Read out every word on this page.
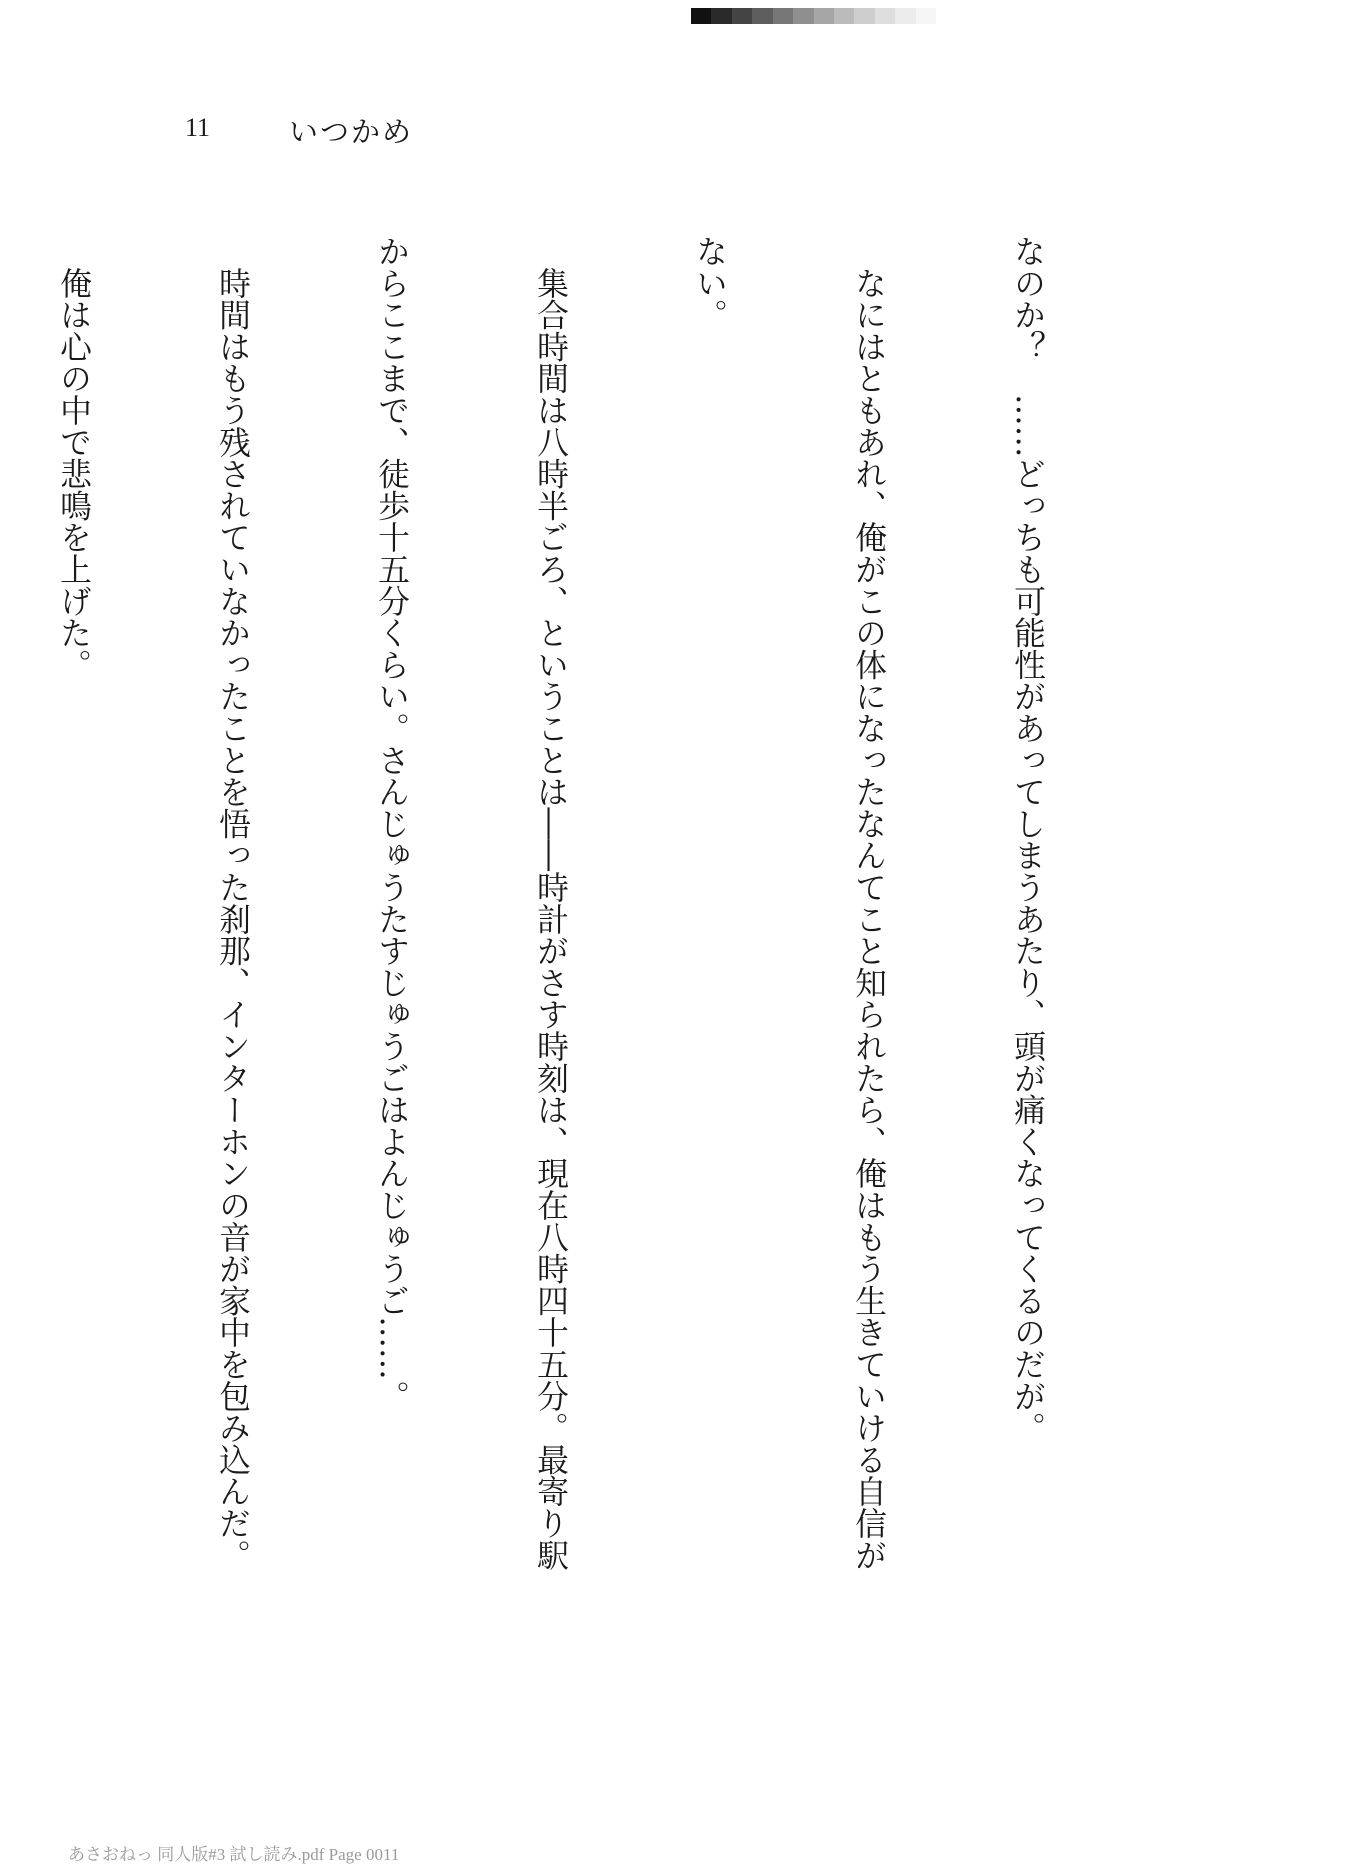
11	いつかめ

なのか？　……どっちも可能性があってしまうあたり、頭が痛くなってくるのだが。

　なにはともあれ、俺がこの体になったなんてこと知られたら、俺はもう生きていける自信が

ない。

　集合時間は八時半ごろ、ということは――時計がさす時刻は、現在八時四十五分。最寄り駅

からここまで、徒歩十五分くらい。さんじゅうたすじゅうごはよんじゅうご……。

　時間はもう残されていなかったことを悟った刹那、インターホンの音が家中を包み込んだ。

　俺は心の中で悲鳴を上げた。

あさおねっ 同人版#3 試し読み.pdf Page 0011
